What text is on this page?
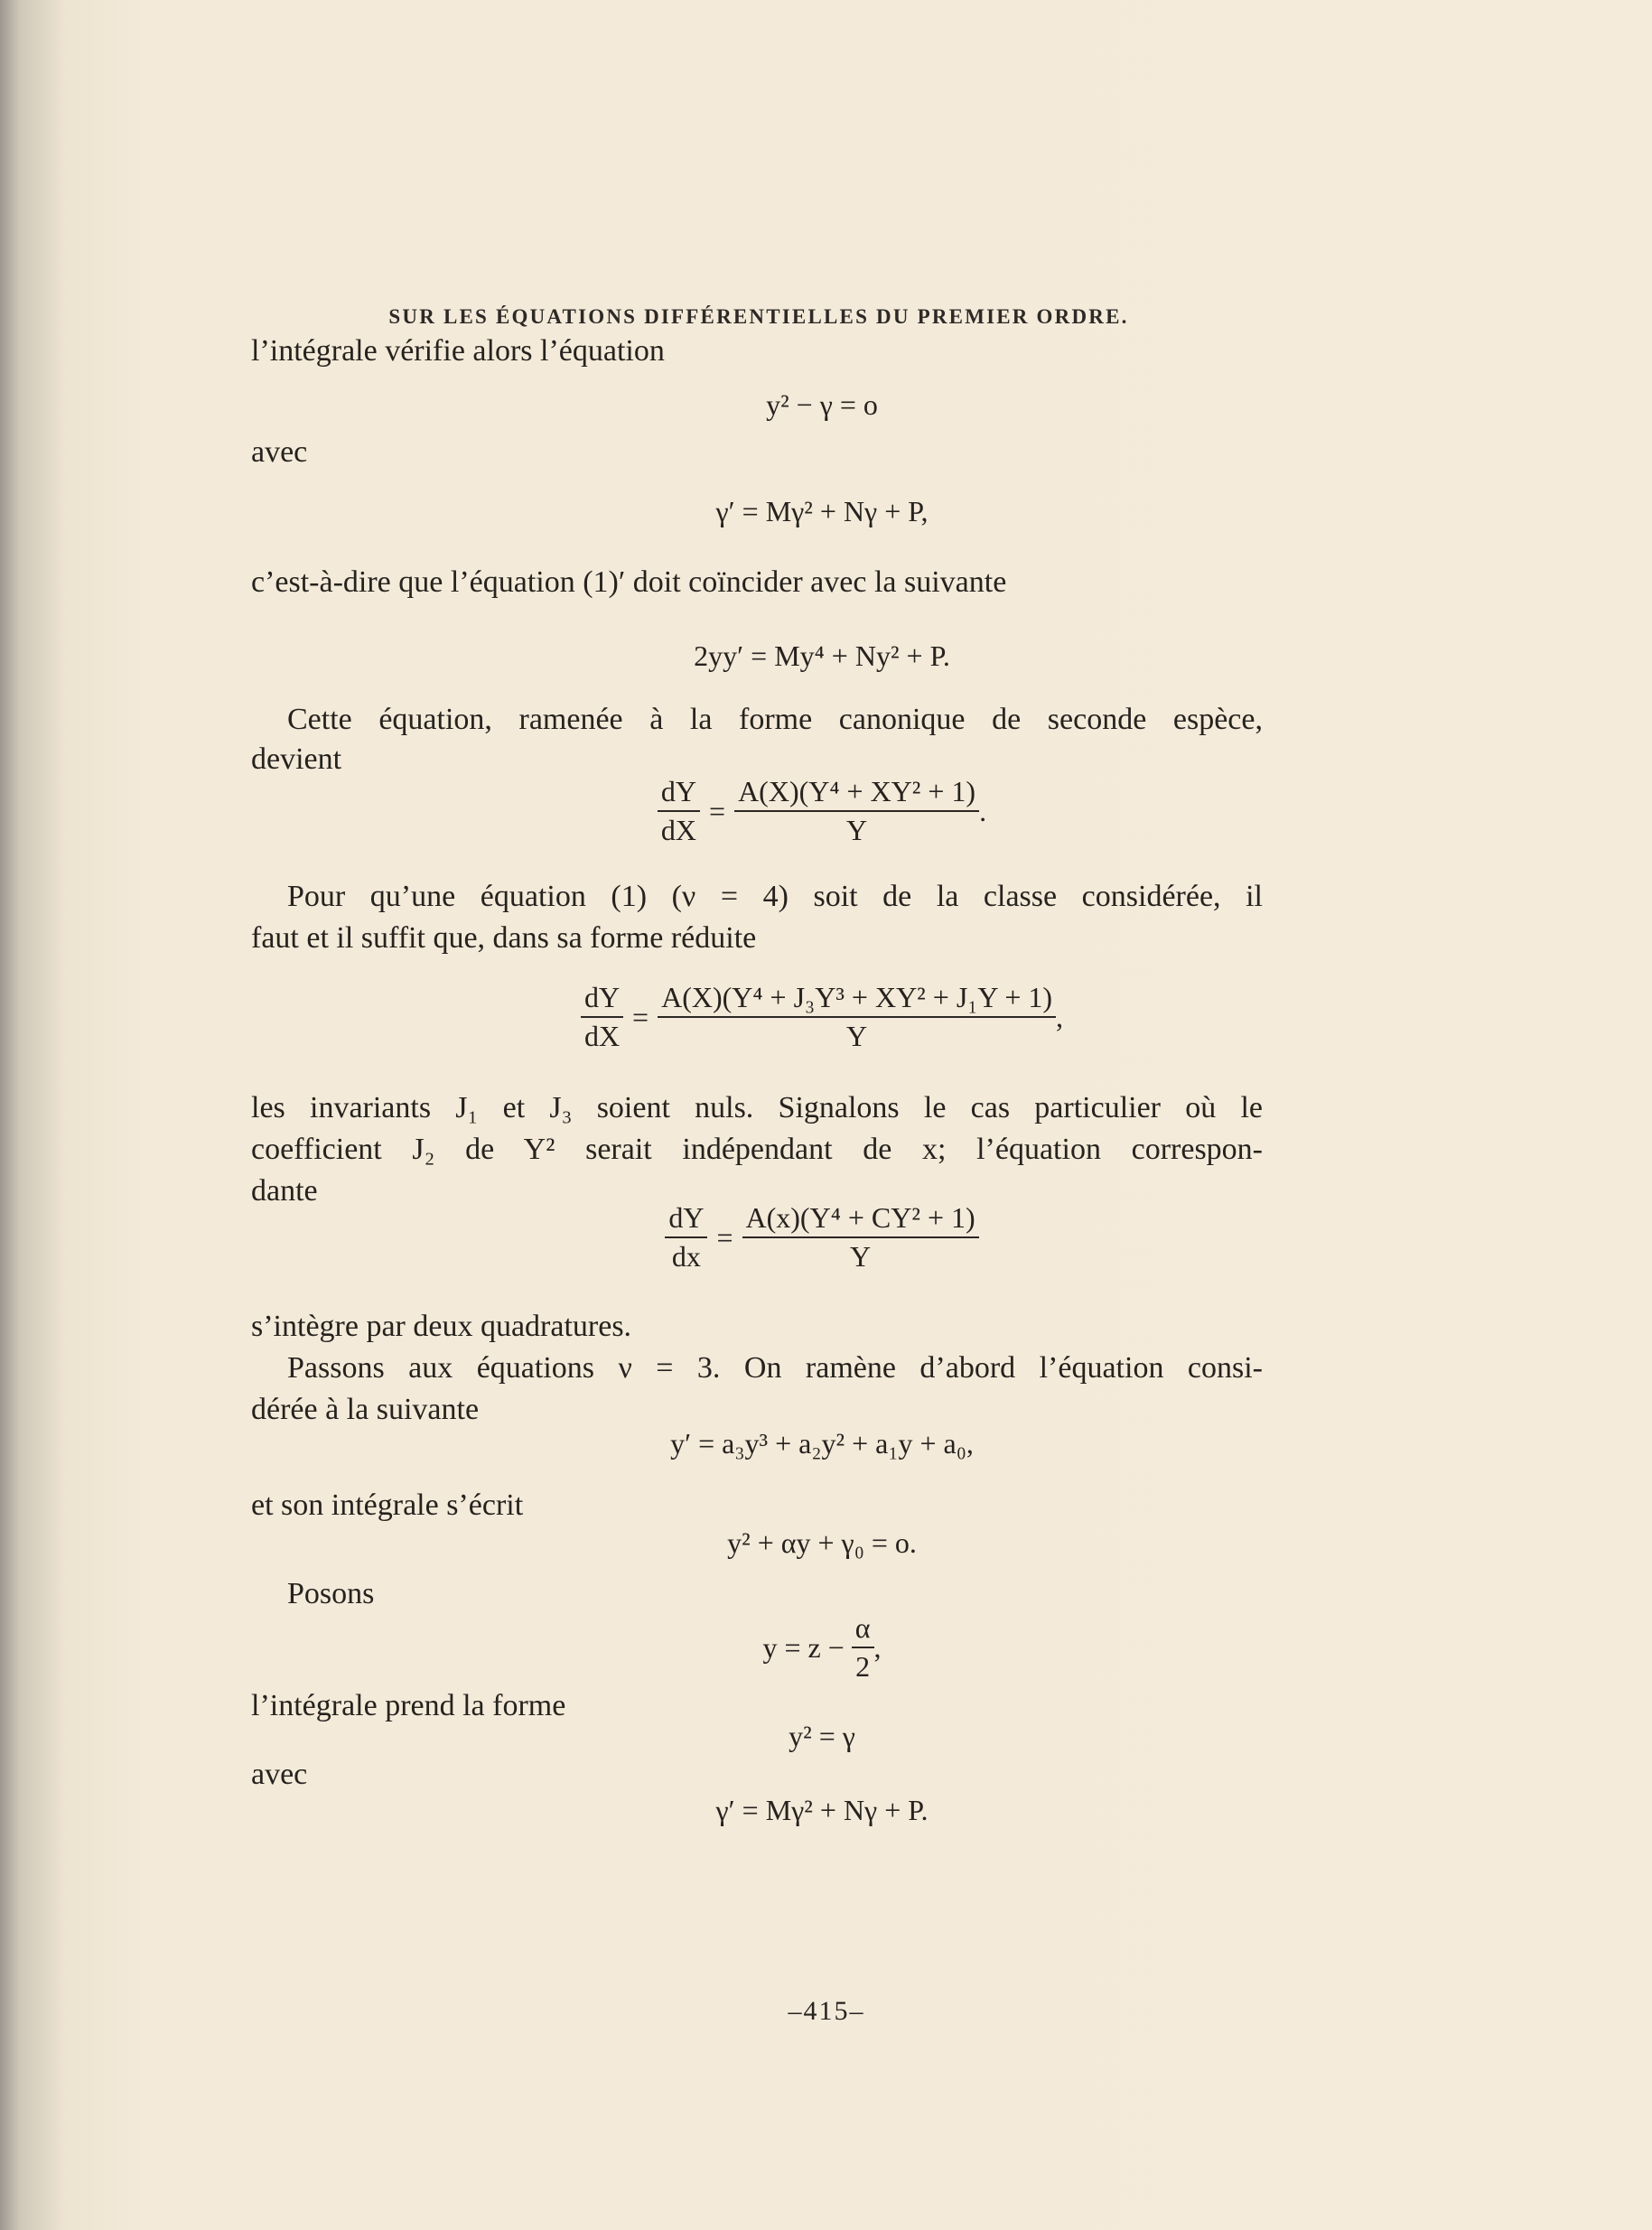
SUR LES ÉQUATIONS DIFFÉRENTIELLES DU PREMIER ORDRE.
l’intégrale vérifie alors l’équation
y² − γ = o
avec
γ′ = Mγ² + Nγ + P,
c’est-à-dire que l’équation (1)′ doit coïncider avec la suivante
2yy′ = My⁴ + Ny² + P.
Cette équation, ramenée à la forme canonique de seconde espèce,
devient
$\frac{dY}{dX} = \frac{\text{A(X)(Y⁴ + XY² + 1)}}{Y}$ .
Pour qu’une équation (1) (ν = 4) soit de la classe considérée, il
faut et il suffit que, dans sa forme réduite
$\frac{dY}{dX} = \frac{\text{A(X)(Y⁴ + J₃Y³ + XY² + J₁Y + 1)}}{Y}$ ,
les invariants J₁ et J₃ soient nuls. Signalons le cas particulier où le
coefficient J₂ de Y² serait indépendant de x; l’équation correspon-
dante
$\frac{dY}{dx} = \frac{\text{A(x)(Y⁴ + CY² + 1)}}{Y}$
s’intègre par deux quadratures.
Passons aux équations ν = 3. On ramène d’abord l’équation consi-
dérée à la suivante
y′ = a₃y³ + a₂y² + a₁y + a₀,
et son intégrale s’écrit
y² + αy + γ₀ = o.
Posons
$y = z - \frac{\alpha}{2}$ ,
l’intégrale prend la forme
y² = γ
avec
γ′ = Mγ² + Nγ + P.
–415–
